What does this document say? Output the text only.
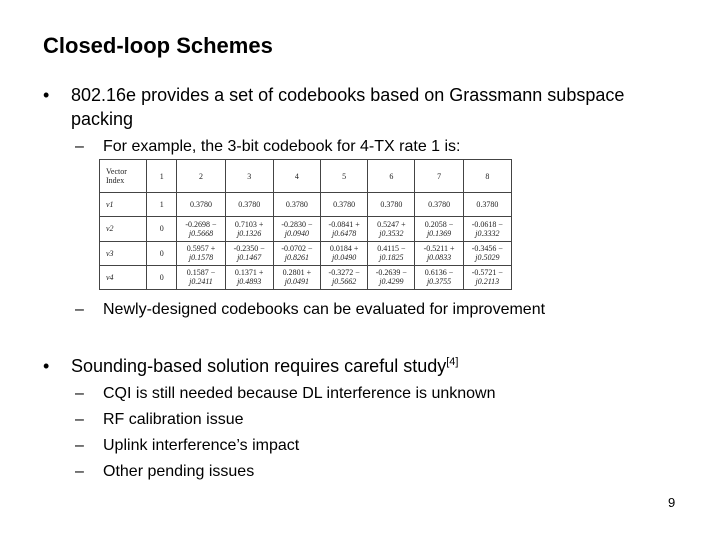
Closed-loop Schemes
• 802.16e provides a set of codebooks based on Grassmann subspace
packing
– For example, the 3-bit codebook for 4-TX rate 1 is:
Vector
Index	1	2	3	4	5	6	7	8
v1	1	0.3780	0.3780	0.3780	0.3780	0.3780	0.3780	0.3780
v2	0	-0.2698 −
j0.5668	0.7103 +
j0.1326	-0.2830 −
j0.0940	-0.0841 +
j0.6478	0.5247 +
j0.3532	0.2058 −
j0.1369	-0.0618 −
j0.3332

v3	0	0.5957 +
j0.1578	-0.2350 −
j0.1467	-0.0702 −
j0.8261	0.0184 +
j0.0490	0.4115 −
j0.1825	-0.5211 +
j0.0833	-0.3456 −
j0.5029

v4	0	0.1587 −
j0.2411	0.1371 +
j0.4893	0.2801 +
j0.0491	-0.3272 −
j0.5662	-0.2639 −
j0.4299	0.6136 −
j0.3755	-0.5721 −
j0.2113
– Newly-designed codebooks can be evaluated for improvement
• Sounding-based solution requires careful study[4]
– CQI is still needed because DL interference is unknown
– RF calibration issue
– Uplink interference’s impact
– Other pending issues
9
